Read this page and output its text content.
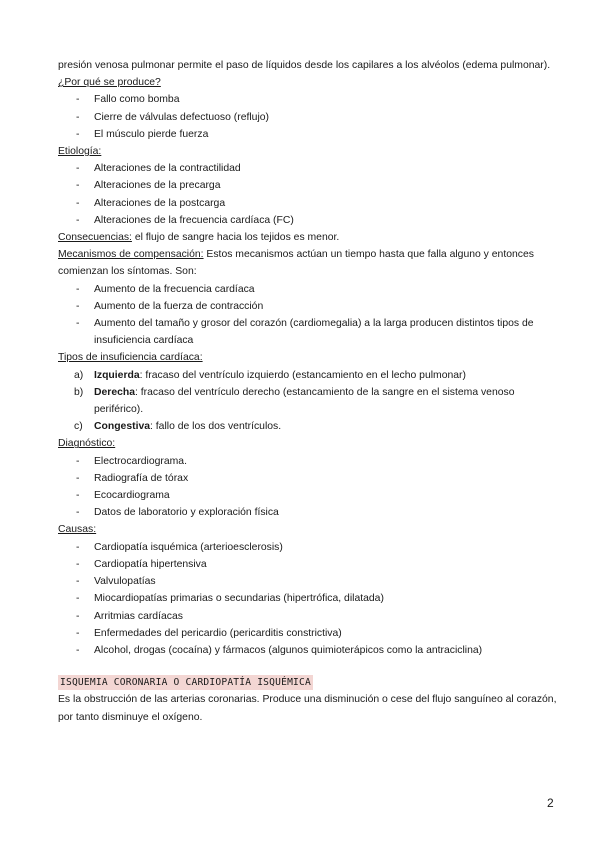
presión venosa pulmonar permite el paso de líquidos desde los capilares a los alvéolos (edema pulmonar).

¿Por qué se produce?

- Fallo como bomba
- Cierre de válvulas defectuoso (reflujo)
- El músculo pierde fuerza

Etiología:

- Alteraciones de la contractilidad
- Alteraciones de la precarga
- Alteraciones de la postcarga
- Alteraciones de la frecuencia cardíaca (FC)

Consecuencias: el flujo de sangre hacia los tejidos es menor.

Mecanismos de compensación: Estos mecanismos actúan un tiempo hasta que falla alguno y entonces comienzan los síntomas. Son:

- Aumento de la frecuencia cardíaca
- Aumento de la fuerza de contracción
- Aumento del tamaño y grosor del corazón (cardiomegalia) a la larga producen distintos tipos de insuficiencia cardíaca

Tipos de insuficiencia cardíaca:

a) Izquierda: fracaso del ventrículo izquierdo (estancamiento en el lecho pulmonar)
b) Derecha: fracaso del ventrículo derecho (estancamiento de la sangre en el sistema venoso periférico).
c) Congestiva: fallo de los dos ventrículos.

Diagnóstico:

- Electrocardiograma.
- Radiografía de tórax
- Ecocardiograma
- Datos de laboratorio y exploración física

Causas:

- Cardiopatía isquémica (arterioesclerosis)
- Cardiopatía hipertensiva
- Valvulopatías
- Miocardiopatías primarias o secundarias (hipertrófica, dilatada)
- Arritmias cardíacas
- Enfermedades del pericardio (pericarditis constrictiva)
- Alcohol, drogas (cocaína) y fármacos (algunos quimioterápicos como la antraciclina)
ISQUEMIA CORONARIA O CARDIOPATÍA ISQUÉMICA

Es la obstrucción de las arterias coronarias. Produce una disminución o cese del flujo sanguíneo al corazón, por tanto disminuye el oxígeno.

2
